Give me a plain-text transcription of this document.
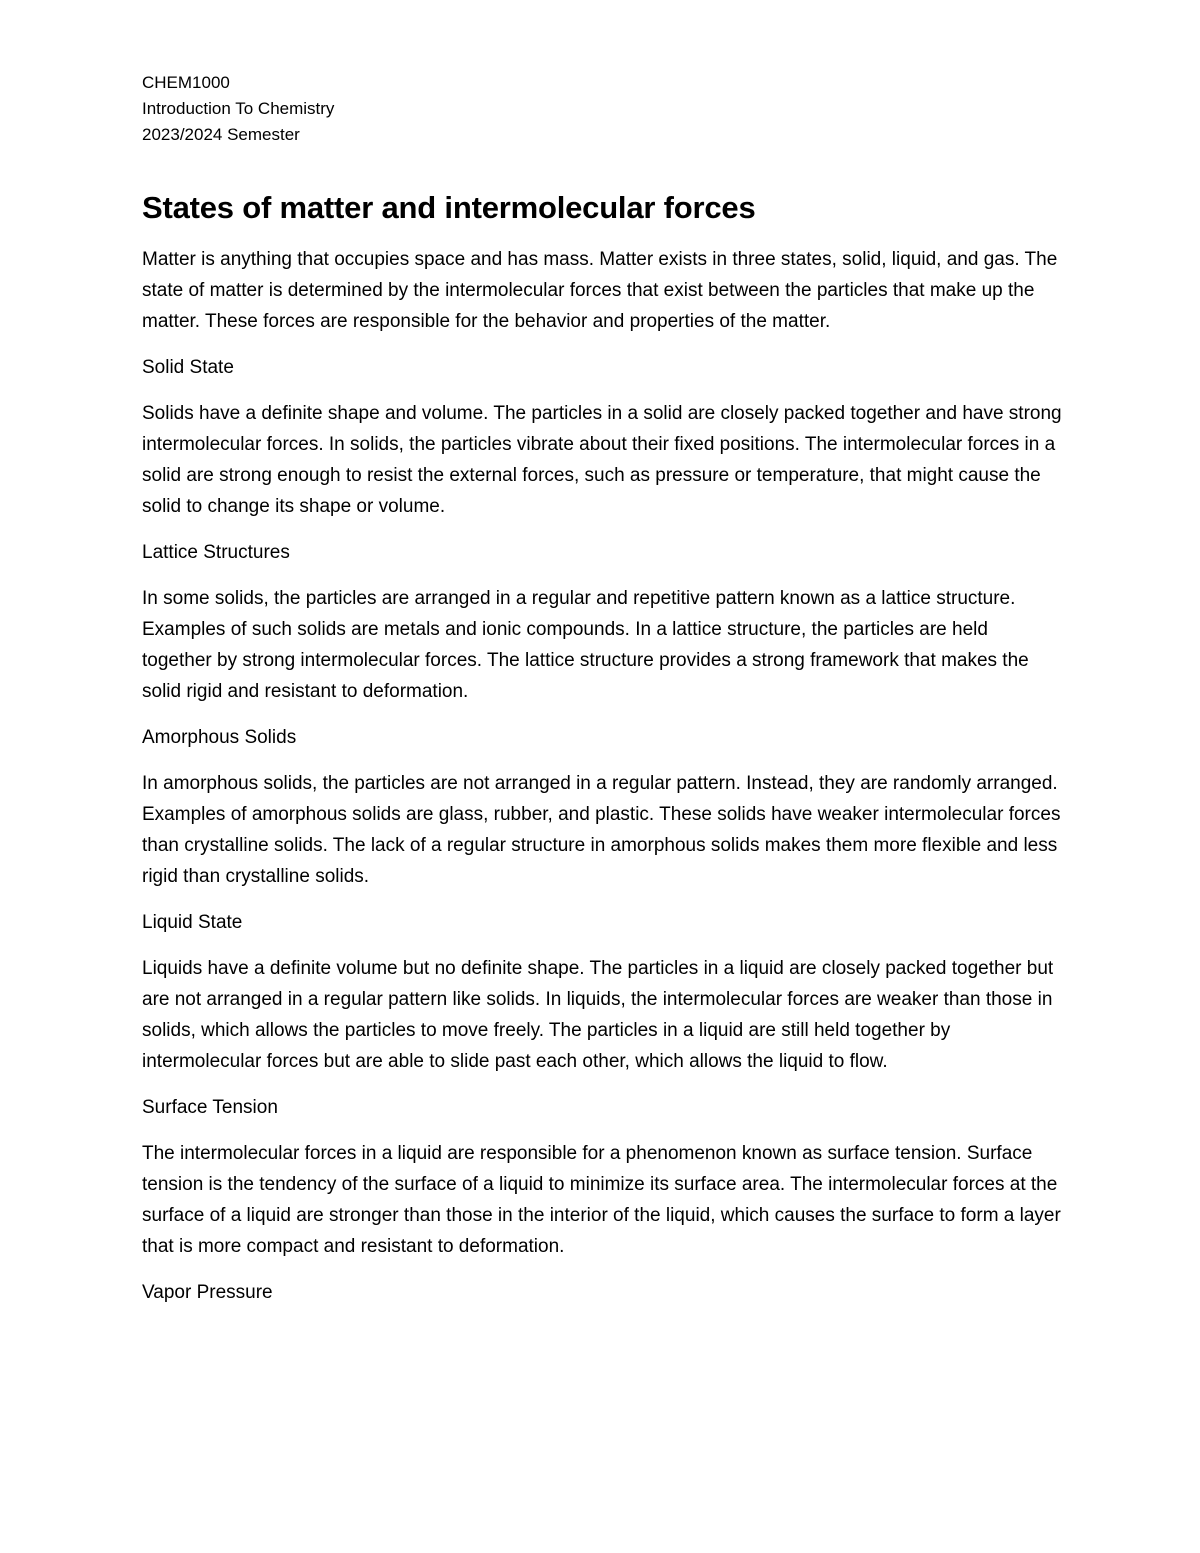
CHEM1000

Introduction To Chemistry

2023/2024 Semester

States of matter and intermolecular forces

Matter is anything that occupies space and has mass. Matter exists in three states, solid, liquid, and gas. The state of matter is determined by the intermolecular forces that exist between the particles that make up the matter. These forces are responsible for the behavior and properties of the matter.

Solid State

Solids have a definite shape and volume. The particles in a solid are closely packed together and have strong intermolecular forces. In solids, the particles vibrate about their fixed positions. The intermolecular forces in a solid are strong enough to resist the external forces, such as pressure or temperature, that might cause the solid to change its shape or volume.

Lattice Structures

In some solids, the particles are arranged in a regular and repetitive pattern known as a lattice structure. Examples of such solids are metals and ionic compounds. In a lattice structure, the particles are held together by strong intermolecular forces. The lattice structure provides a strong framework that makes the solid rigid and resistant to deformation.

Amorphous Solids

In amorphous solids, the particles are not arranged in a regular pattern. Instead, they are randomly arranged. Examples of amorphous solids are glass, rubber, and plastic. These solids have weaker intermolecular forces than crystalline solids. The lack of a regular structure in amorphous solids makes them more flexible and less rigid than crystalline solids.

Liquid State

Liquids have a definite volume but no definite shape. The particles in a liquid are closely packed together but are not arranged in a regular pattern like solids. In liquids, the intermolecular forces are weaker than those in solids, which allows the particles to move freely. The particles in a liquid are still held together by intermolecular forces but are able to slide past each other, which allows the liquid to flow.

Surface Tension

The intermolecular forces in a liquid are responsible for a phenomenon known as surface tension. Surface tension is the tendency of the surface of a liquid to minimize its surface area. The intermolecular forces at the surface of a liquid are stronger than those in the interior of the liquid, which causes the surface to form a layer that is more compact and resistant to deformation.

Vapor Pressure
